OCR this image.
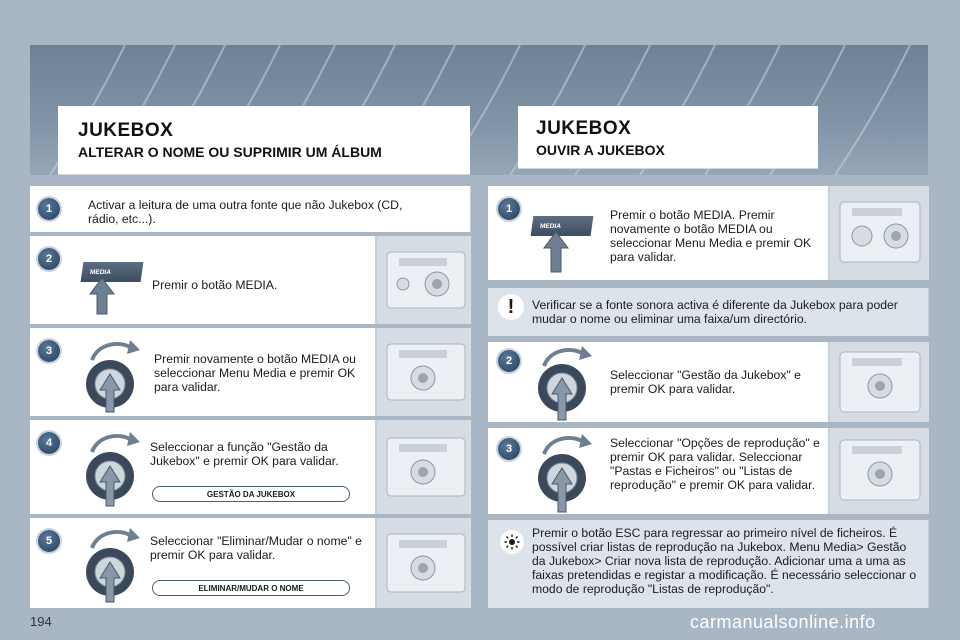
JUKEBOX
ALTERAR O NOME OU SUPRIMIR UM ÁLBUM
JUKEBOX
OUVIR A JUKEBOX
1	Activar a leitura de uma outra fonte que não Jukebox (CD, rádio, etc...).
2
MEDIA
Premir o botão MEDIA.
3
Premir novamente o botão MEDIA ou seleccionar Menu Media e premir OK para validar.
4	Seleccionar a função "Gestão da Jukebox" e premir OK para validar.
GESTÃO DA JUKEBOX
5	Seleccionar "Eliminar/Mudar o nome" e premir OK para validar.
ELIMINAR/MUDAR O NOME
1
MEDIA
Premir o botão MEDIA. Premir novamente o botão MEDIA ou seleccionar Menu Media e premir OK para validar.
!	Verificar se a fonte sonora activa é diferente da Jukebox para poder mudar o nome ou eliminar uma faixa/um directório.
2
Seleccionar "Gestão da Jukebox" e premir OK para validar.
3	Seleccionar "Opções de reprodução" e premir OK para validar. Seleccionar "Pastas e Ficheiros" ou "Listas de reprodução" e premir OK para validar.
Premir o botão ESC para regressar ao primeiro nível de ficheiros. É possível criar listas de reprodução na Jukebox. Menu Media> Gestão da Jukebox> Criar nova lista de reprodução. Adicionar uma a uma as faixas pretendidas e registar a modificação. É necessário seleccionar o modo de reprodução "Listas de reprodução".
194	carmanualsonline.info
